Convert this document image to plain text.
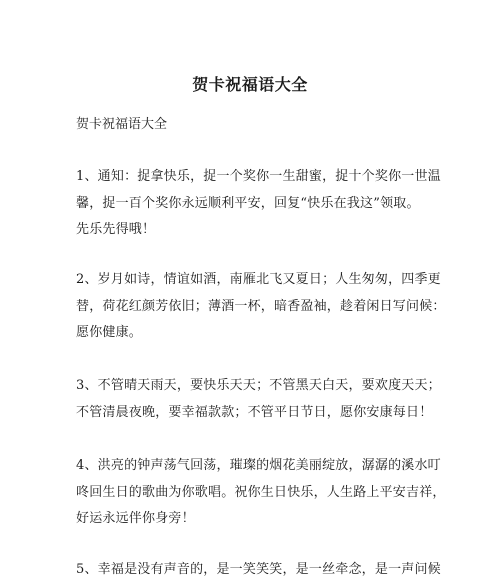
贺卡祝福语大全
贺卡祝福语大全
1、通知：捉拿快乐，捉一个奖你一生甜蜜，捉十个奖你一世温
馨，捉一百个奖你永远顺利平安，回复“快乐在我这”领取。
先乐先得哦！
2、岁月如诗，情谊如酒，南雁北飞又夏日；人生匆匆，四季更
替，荷花红颜芳依旧；薄酒一杯，暗香盈袖，趁着闲日写问候：
愿你健康。
3、不管晴天雨天，要快乐天天；不管黑天白天，要欢度天天；
不管清晨夜晚，要幸福款款；不管平日节日，愿你安康每日！
4、洪亮的钟声荡气回荡，璀璨的烟花美丽绽放，潺潺的溪水叮
咚回生日的歌曲为你歌唱。祝你生日快乐，人生路上平安吉祥，
好运永远伴你身旁！
5、幸福是没有声音的，是一笑笑笑，是一丝牵念，是一声问候
